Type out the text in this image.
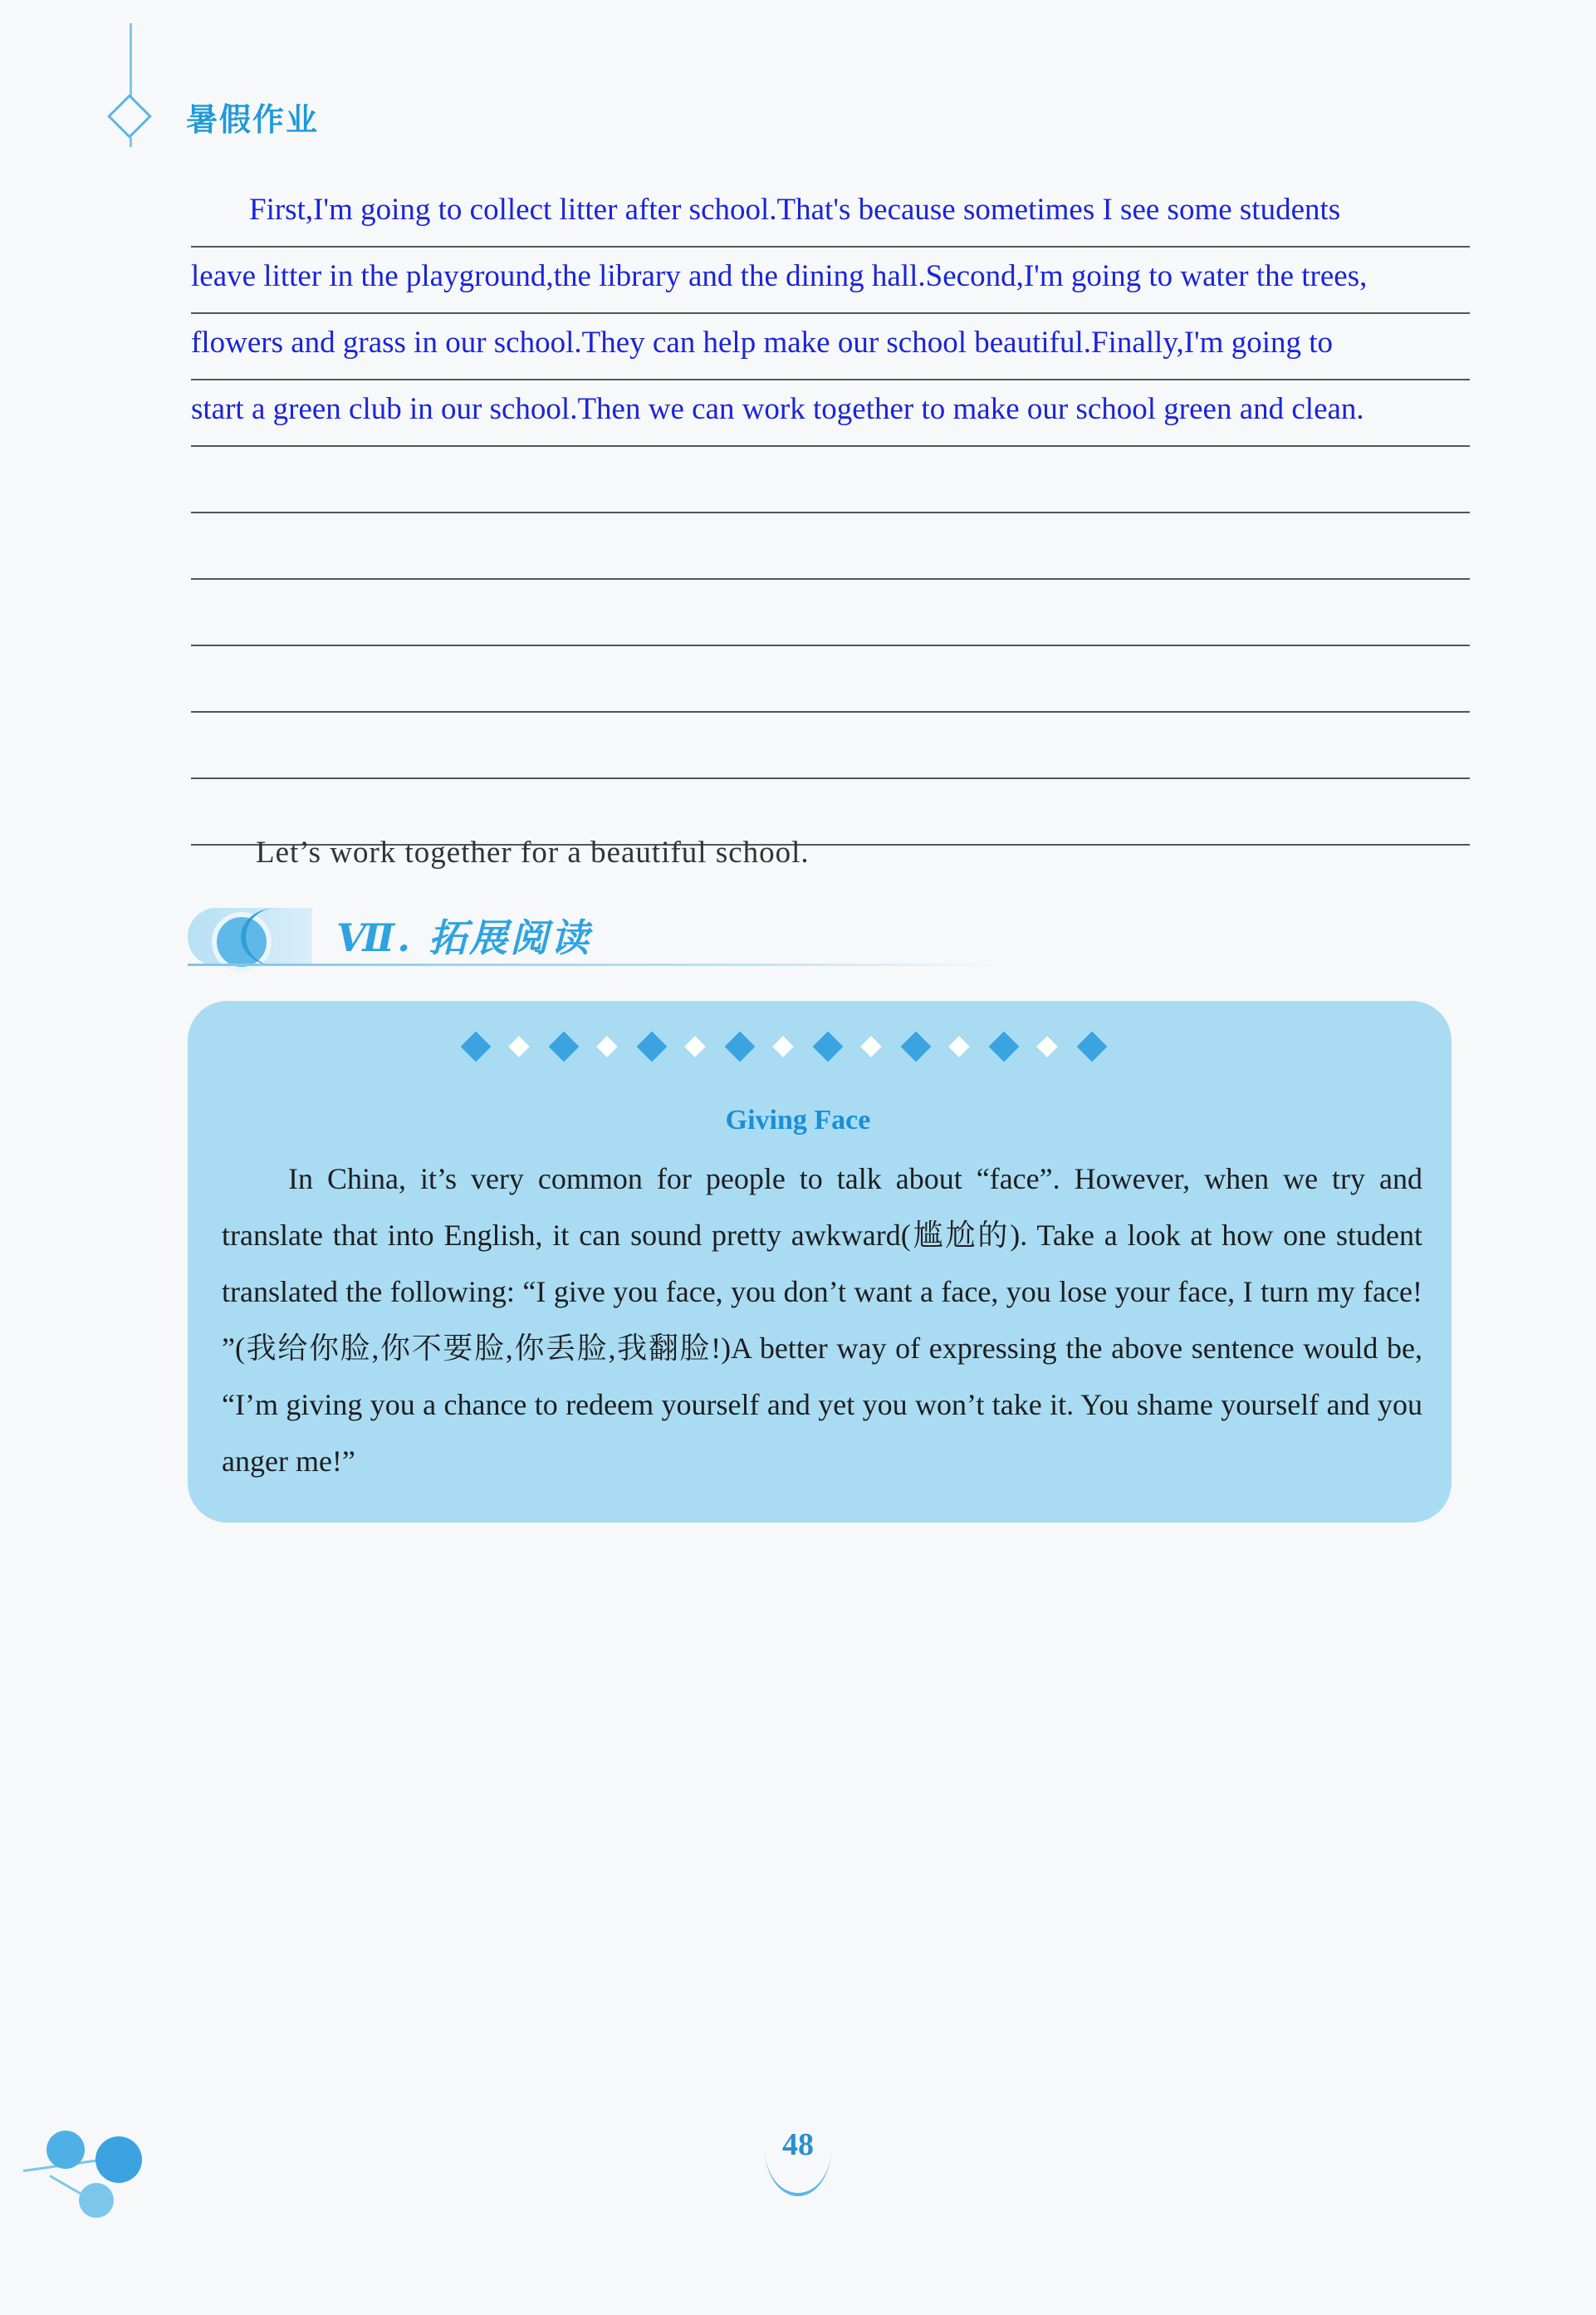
暑假作业
First,I'm going to collect litter after school.That's because sometimes I see some students
leave litter in the playground,the library and the dining hall.Second,I'm going to water the trees,
flowers and grass in our school.They can help make our school beautiful.Finally,I'm going to
start a green club in our school.Then we can work together to make our school green and clean.
Let’s work together for a beautiful school.
Ⅶ. 拓展阅读
Giving Face

In China, it’s very common for people to talk about “face”. However, when we try and translate that into English, it can sound pretty awkward(尴尬的). Take a look at how one student translated the following: “I give you face, you don’t want a face, you lose your face, I turn my face! ”(我给你脸,你不要脸,你丢脸,我翻脸!)A better way of expressing the above sentence would be, “I’m giving you a chance to redeem yourself and yet you won’t take it. You shame yourself and you anger me!”

48
